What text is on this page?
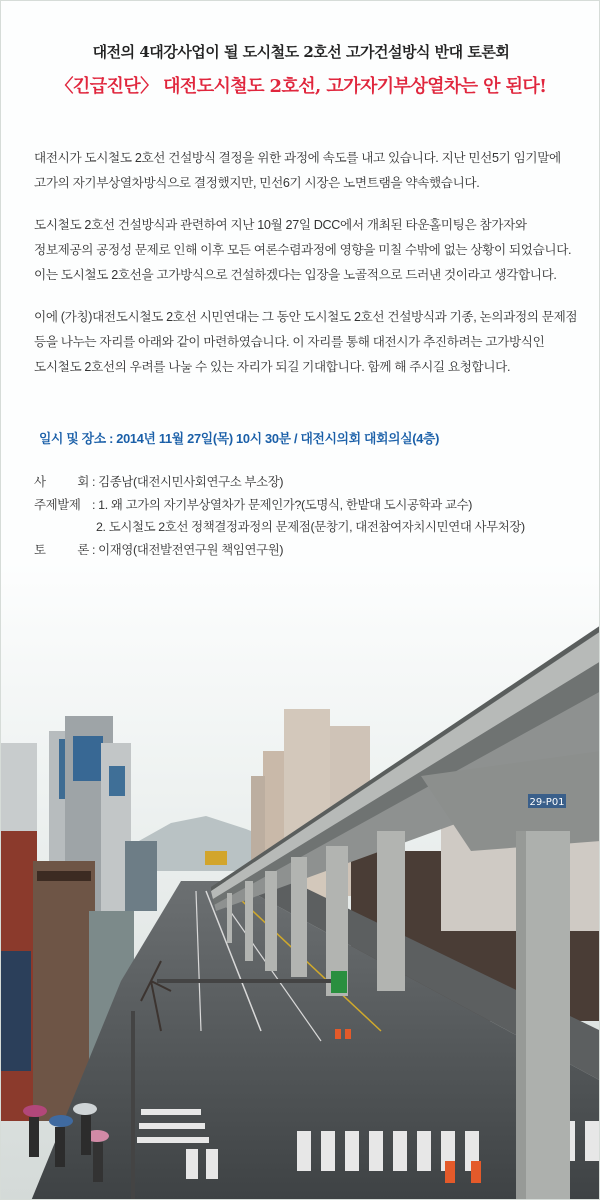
대전의 4대강사업이 될 도시철도 2호선 고가건설방식 반대 토론회
〈긴급진단〉 대전도시철도 2호선, 고가자기부상열차는 안 된다!

대전시가 도시철도 2호선 건설방식 결정을 위한 과정에 속도를 내고 있습니다. 지난 민선5기 임기말에 고가의 자기부상열차방식으로 결정했지만, 민선6기 시장은 노면트램을 약속했습니다.

도시철도 2호선 건설방식과 관련하여 지난 10월 27일 DCC에서 개최된 타운홀미팅은 참가자와 정보제공의 공정성 문제로 인해 이후 모든 여론수렴과정에 영향을 미칠 수밖에 없는 상황이 되었습니다. 이는 도시철도 2호선을 고가방식으로 건설하겠다는 입장을 노골적으로 드러낸 것이라고 생각합니다.

이에 (가칭)대전도시철도 2호선 시민연대는 그 동안 도시철도 2호선 건설방식과 기종, 논의과정의 문제점 등을 나누는 자리를 아래와 같이 마련하였습니다. 이 자리를 통해 대전시가 추진하려는 고가방식인 도시철도 2호선의 우려를 나눌 수 있는 자리가 되길 기대합니다. 함께 해 주시길 요청합니다.

일시 및 장소 : 2014년 11월 27일(목) 10시 30분 / 대전시의회 대회의실(4층)
사 회
: 김종남(대전시민사회연구소 부소장)
주제발제 : 1. 왜 고가의 자기부상열차가 문제인가?(도명식, 한밭대 도시공학과 교수)
2. 도시철도 2호선 정책결정과정의 문제점(문창기, 대전참여자치시민연대 사무처장)
토 론
: 이재영(대전발전연구원 책임연구원)
29-P01
